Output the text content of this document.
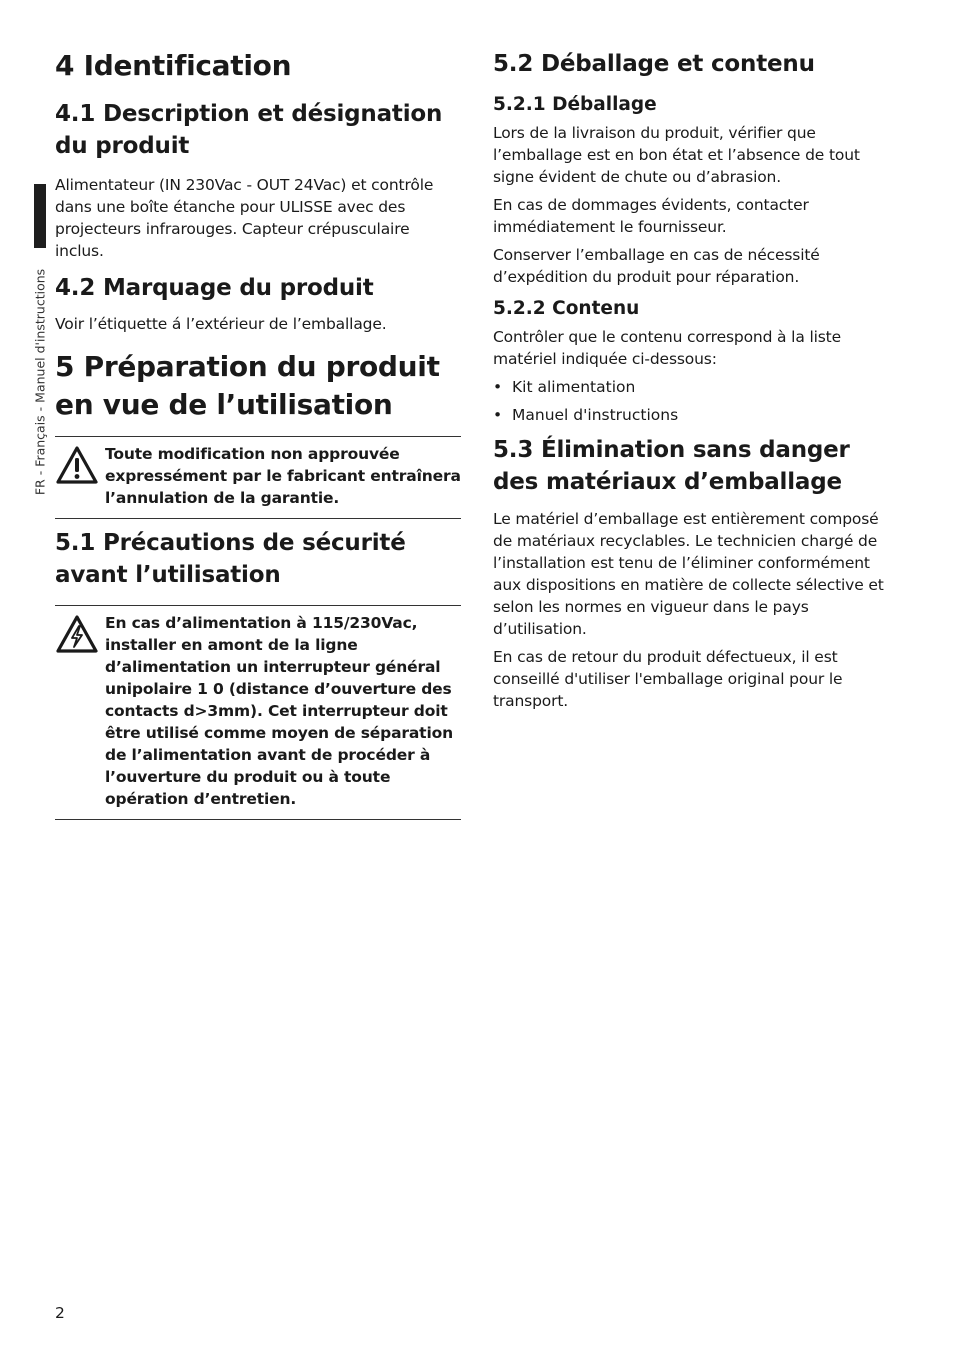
FR - Français - Manuel d'instructions
4 Identification
4.1 Description et désignation du produit

Alimentateur (IN 230Vac - OUT 24Vac) et contrôle dans une boîte étanche pour ULISSE avec des projecteurs infrarouges. Capteur crépusculaire inclus.

4.2 Marquage du produit

Voir l’étiquette á l’extérieur de l’emballage.

5 Préparation du produit en vue de l’utilisation
Toute modification non approuvée expressément par le fabricant entraînera l’annulation de la garantie.
5.1 Précautions de sécurité avant l’utilisation
En cas d’alimentation à 115/230Vac, installer en amont de la ligne d’alimentation un interrupteur général unipolaire 1 0 (distance d’ouverture des contacts d>3mm). Cet interrupteur doit être utilisé comme moyen de séparation de l’alimentation avant de procéder à l’ouverture du produit ou à toute opération d’entretien.
5.2 Déballage et contenu
5.2.1 Déballage

Lors de la livraison du produit, vérifier que l’emballage est en bon état et l’absence de tout signe évident de chute ou d’abrasion.

En cas de dommages évidents, contacter immédiatement le fournisseur.

Conserver l’emballage en cas de nécessité d’expédition du produit pour réparation.

5.2.2 Contenu

Contrôler que le contenu correspond à la liste matériel indiquée ci-dessous:

• Kit alimentation
• Manuel d'instructions
5.3 Élimination sans danger des matériaux d’emballage

Le matériel d’emballage est entièrement composé de matériaux recyclables. Le technicien chargé de l’installation est tenu de l’éliminer conformément aux dispositions en matière de collecte sélective et selon les normes en vigueur dans le pays d’utilisation.

En cas de retour du produit défectueux, il est conseillé d'utiliser l'emballage original pour le transport.

2
